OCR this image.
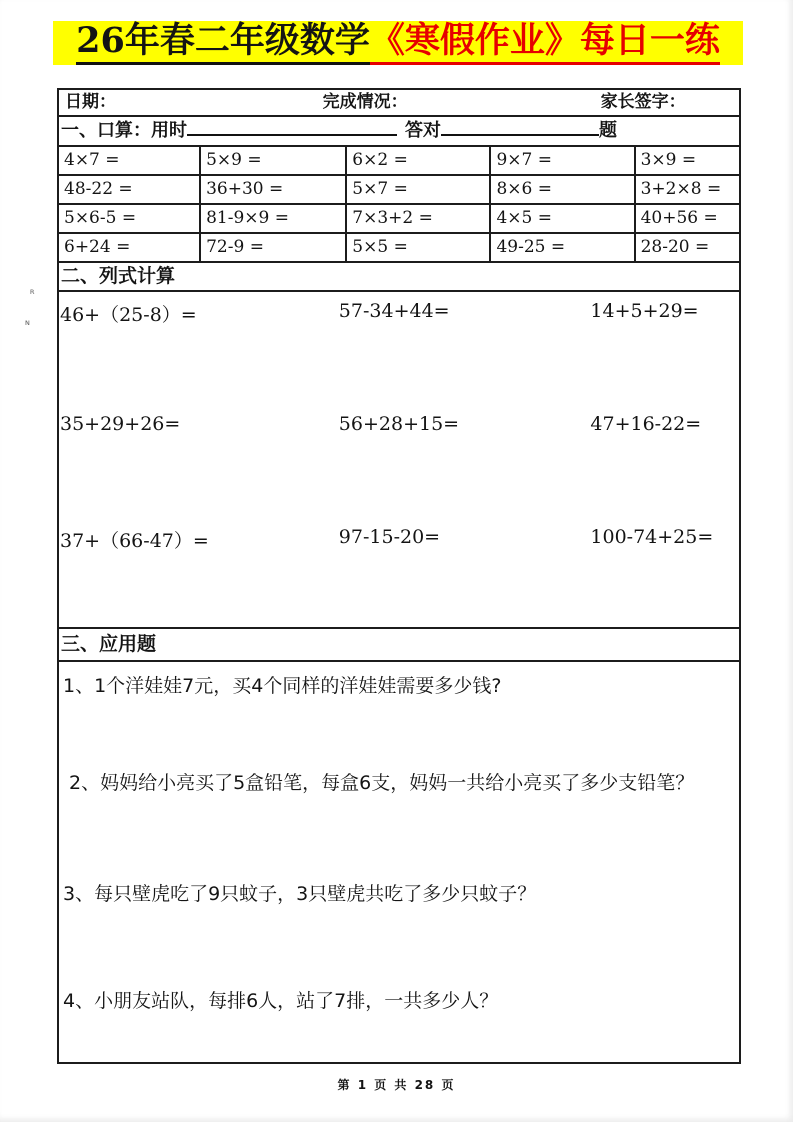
26年春二年级数学《寒假作业》每日一练
日期：	完成情况：	家长签字：
一、口算：用时	答对	题
4×7 =	5×9 =	6×2 =	9×7 =	3×9 =
48-22 =	36+30 =	5×7 =	8×6 =	3+2×8 =
5×6-5 =	81-9×9 =	7×3+2 =	4×5 =	40+56 =
6+24 =	72-9 =	5×5 =	49-25 =	28-20 =
二、列式计算
46+（25-8）=	57-34+44=	14+5+29=
35+29+26=	56+28+15=	47+16-22=
37+（66-47）=	97-15-20=	100-74+25=
三、应用题
1、1个洋娃娃7元，买4个同样的洋娃娃需要多少钱?
2、妈妈给小亮买了5盒铅笔，每盒6支，妈妈一共给小亮买了多少支铅笔？
3、每只壁虎吃了9只蚊子，3只壁虎共吃了多少只蚊子？
4、小朋友站队，每排6人，站了7排，一共多少人？
ʀ
ɴ
第 1 页 共 28 页
